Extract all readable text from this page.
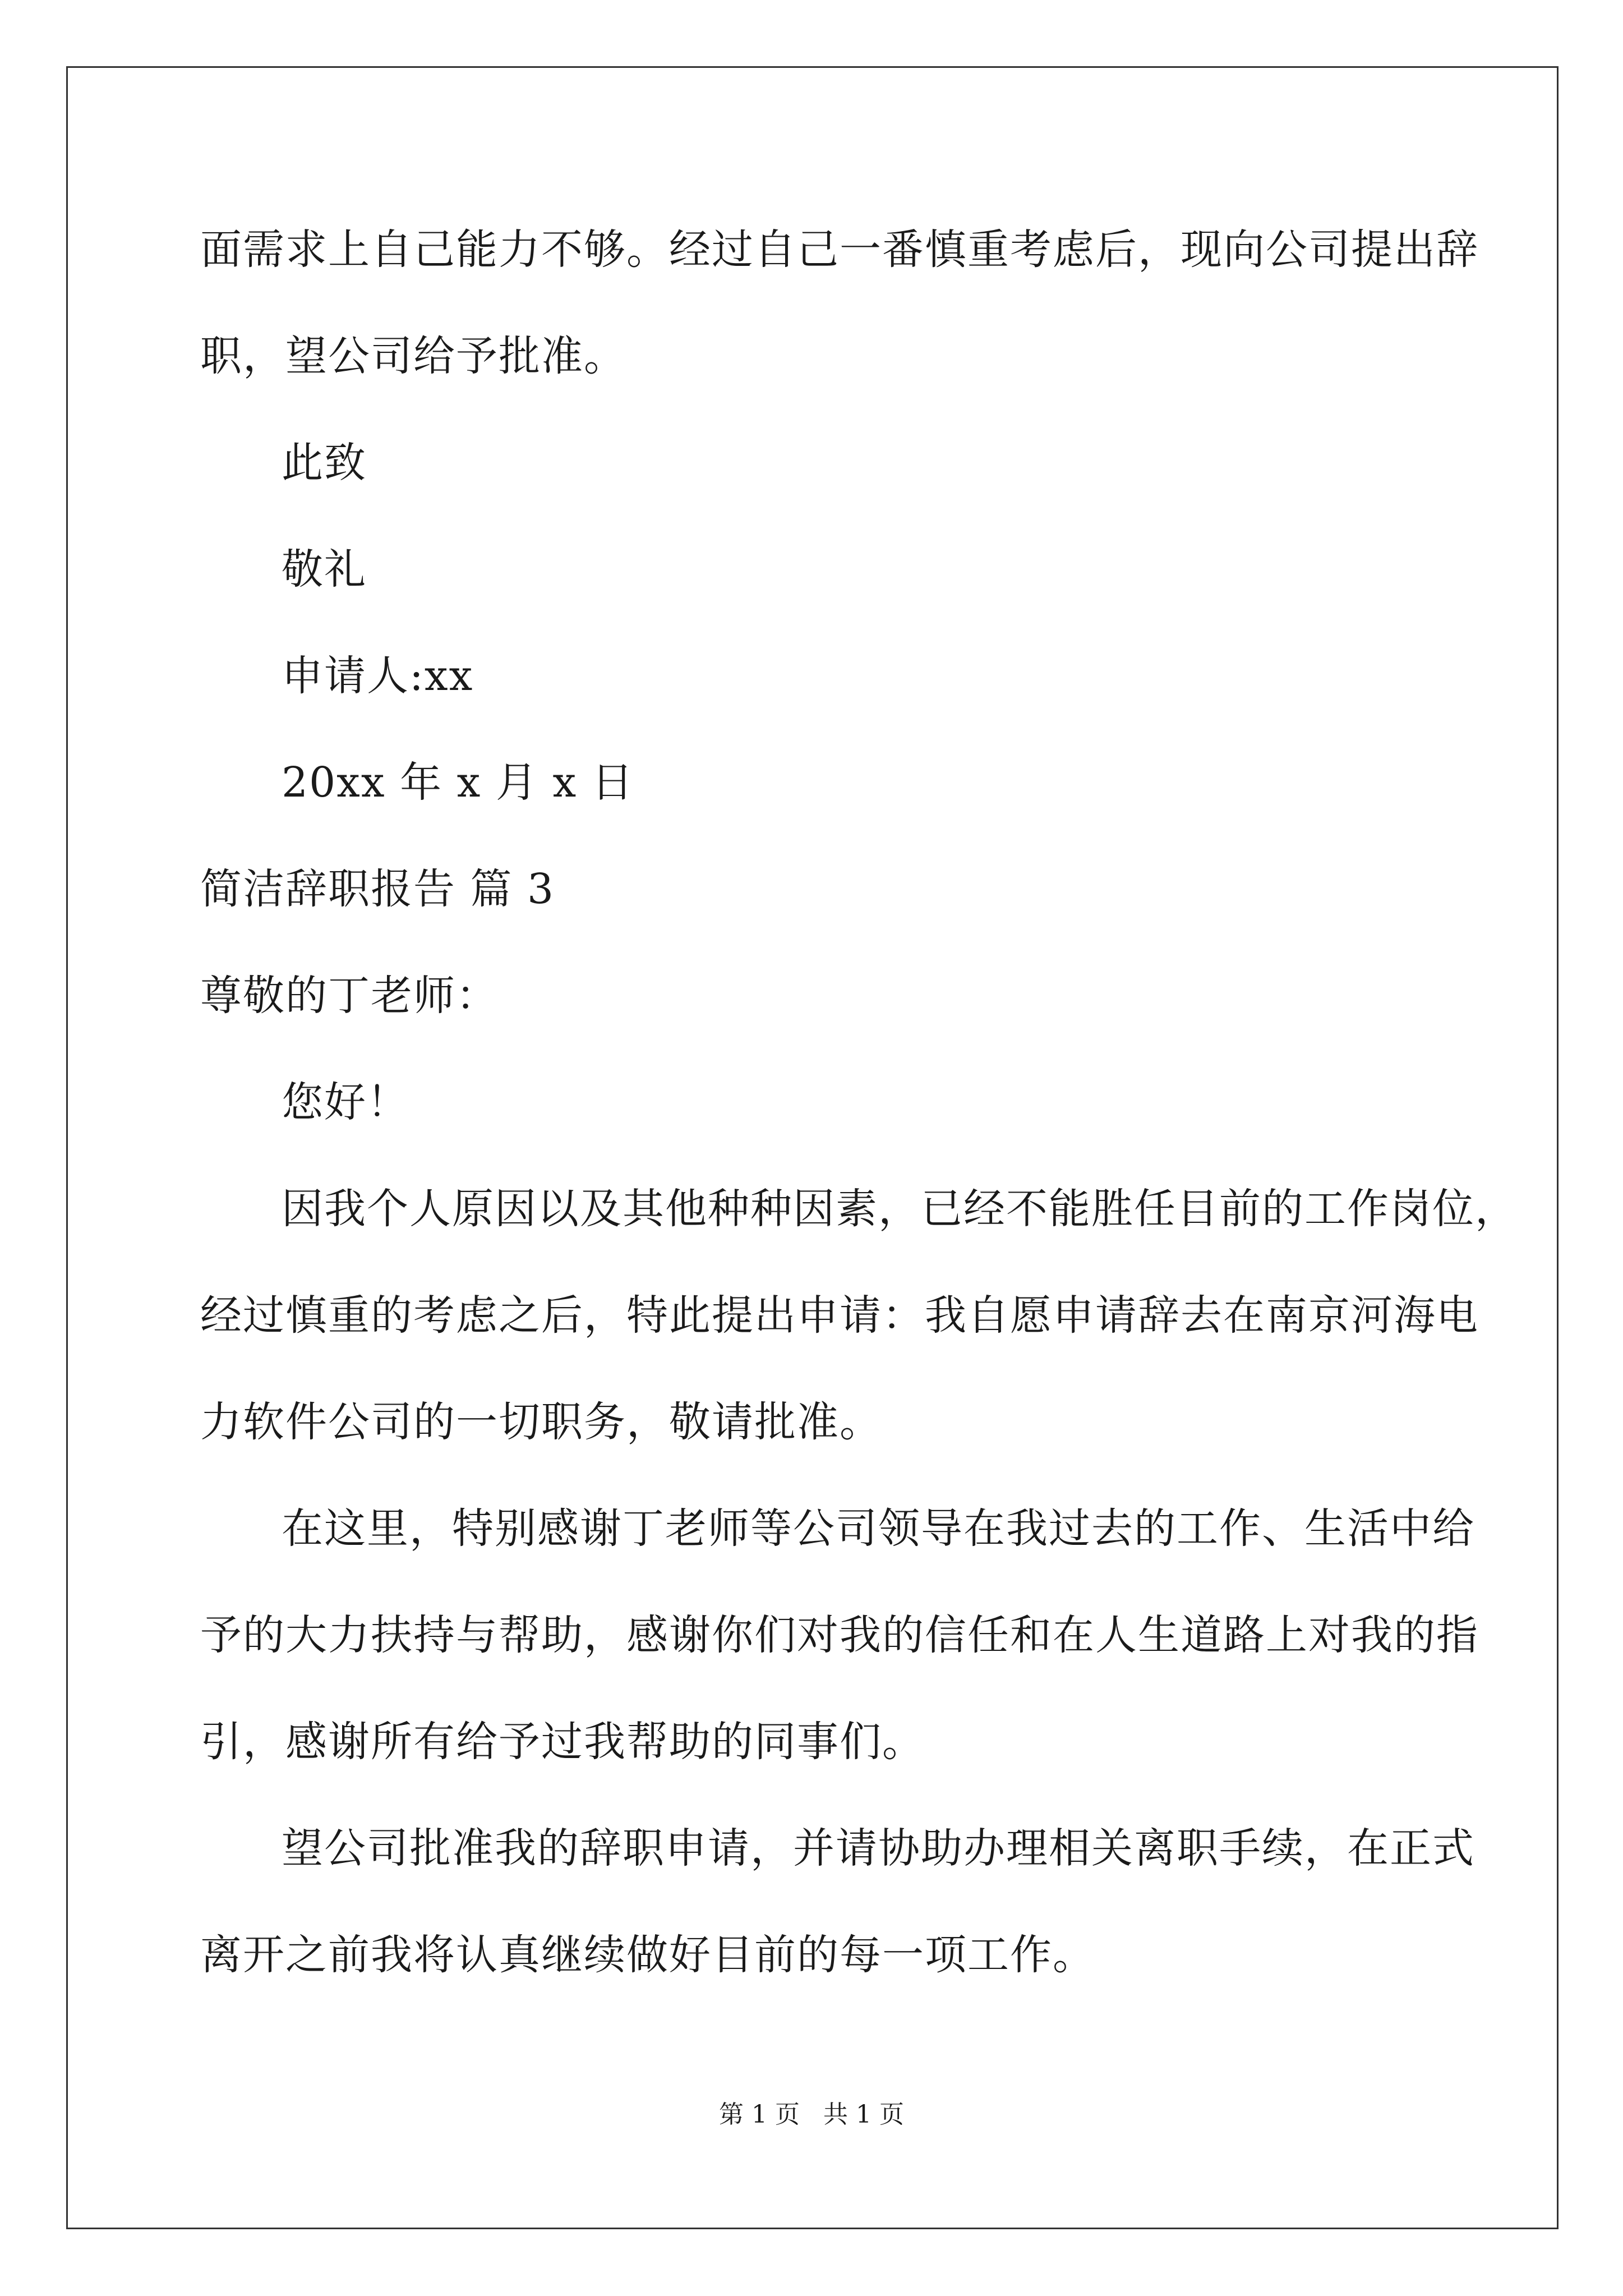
面需求上自己能力不够。经过自己一番慎重考虑后，现向公司提出辞
职，望公司给予批准。
此致
敬礼
申请人:xx
20xx 年 x 月 x 日
简洁辞职报告 篇 3
尊敬的丁老师：
您好！
因我个人原因以及其他种种因素，已经不能胜任目前的工作岗位，
经过慎重的考虑之后，特此提出申请：我自愿申请辞去在南京河海电
力软件公司的一切职务，敬请批准。
在这里，特别感谢丁老师等公司领导在我过去的工作、生活中给
予的大力扶持与帮助，感谢你们对我的信任和在人生道路上对我的指
引，感谢所有给予过我帮助的同事们。
望公司批准我的辞职申请，并请协助办理相关离职手续，在正式
离开之前我将认真继续做好目前的每一项工作。
第 1 页 共 1 页
